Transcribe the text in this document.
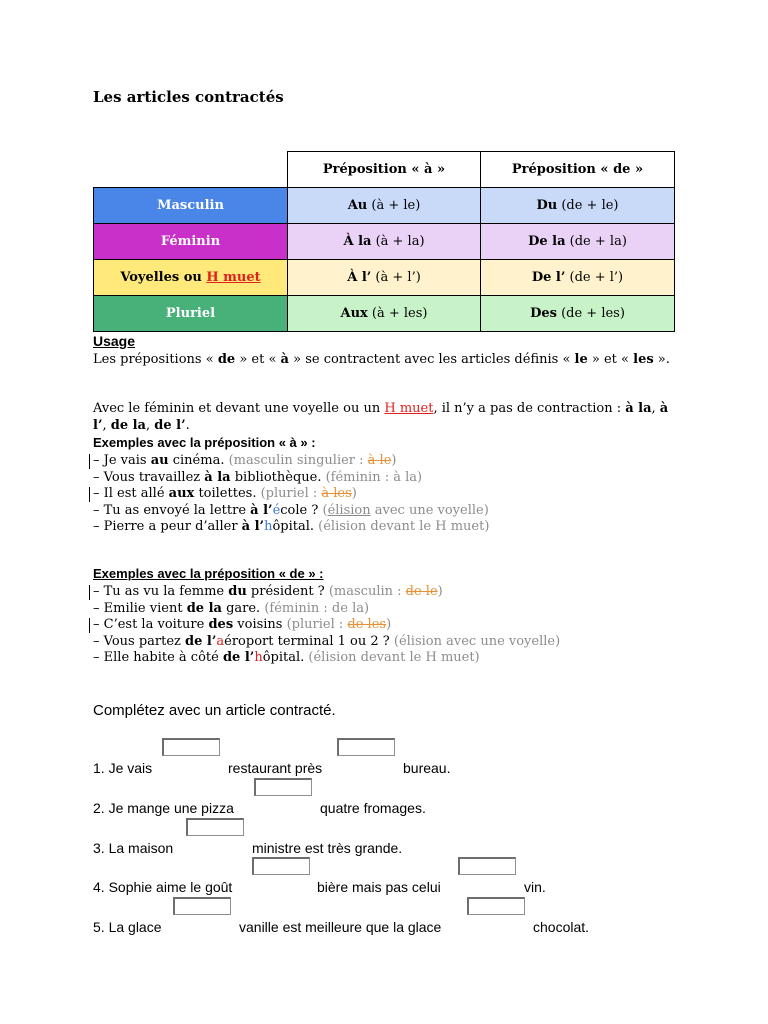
Les articles contractés
	Préposition « à »	Préposition « de »
Masculin	Au (à + le)	Du (de + le)
Féminin	À la (à + la)	De la (de + la)
Voyelles ou H muet	À l’ (à + l’)	De l’ (de + l’)
Pluriel	Aux (à + les)	Des (de + les)
Usage
Les prépositions « de » et « à » se contractent avec les articles définis « le » et « les ».
Avec le féminin et devant une voyelle ou un H muet, il n’y a pas de contraction : à la, à l’, de la, de l’.
Exemples avec la préposition « à » :
– Je vais au cinéma. (masculin singulier : à le)
– Vous travaillez à la bibliothèque. (féminin : à la)
– Il est allé aux toilettes. (pluriel : à les)
– Tu as envoyé la lettre à l’école ? (élision avec une voyelle)
– Pierre a peur d’aller à l’hôpital. (élision devant le H muet)
Exemples avec la préposition « de » :
– Tu as vu la femme du président ? (masculin : de le)
– Emilie vient de la gare. (féminin : de la)
– C’est la voiture des voisins (pluriel : de les)
– Vous partez de l’aéroport terminal 1 ou 2 ? (élision avec une voyelle)
– Elle habite à côté de l’hôpital. (élision devant le H muet)
Complétez avec un article contracté.
1. Je vais	restaurant près	bureau.
2. Je mange une pizza	quatre fromages.
3. La maison	ministre est très grande.
4. Sophie aime le goût	bière mais pas celui	vin.
5. La glace	vanille est meilleure que la glace	chocolat.
